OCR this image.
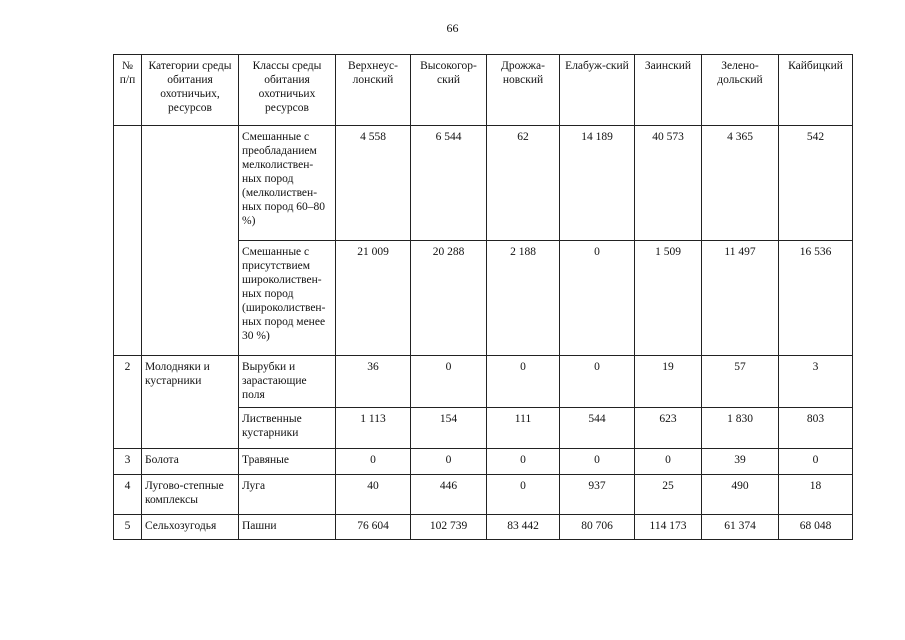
66
№ п/п	Категории среды обитания охотничьих, ресурсов	Классы среды обитания охотничьих ресурсов	Верхнеус-лонский	Высокогор-ский	Дрожжа-новский	Елабуж-ский	Заинский	Зелено-дольский	Кайбицкий
		Смешанные с преобладанием мелколиствен-ных пород (мелколиствен-ных пород 60–80 %)	4 558	6 544	62	14 189	40 573	4 365	542
		Смешанные с присутствием широколиствен-ных пород (широколиствен-ных пород менее 30 %)	21 009	20 288	2 188	0	1 509	11 497	16 536
2	Молодняки и кустарники	Вырубки и зарастающие поля	36	0	0	0	19	57	3
		Лиственные кустарники	1 113	154	111	544	623	1 830	803
3	Болота	Травяные	0	0	0	0	0	39	0
4	Лугово-степные комплексы	Луга	40	446	0	937	25	490	18
5	Сельхозугодья	Пашни	76 604	102 739	83 442	80 706	114 173	61 374	68 048
